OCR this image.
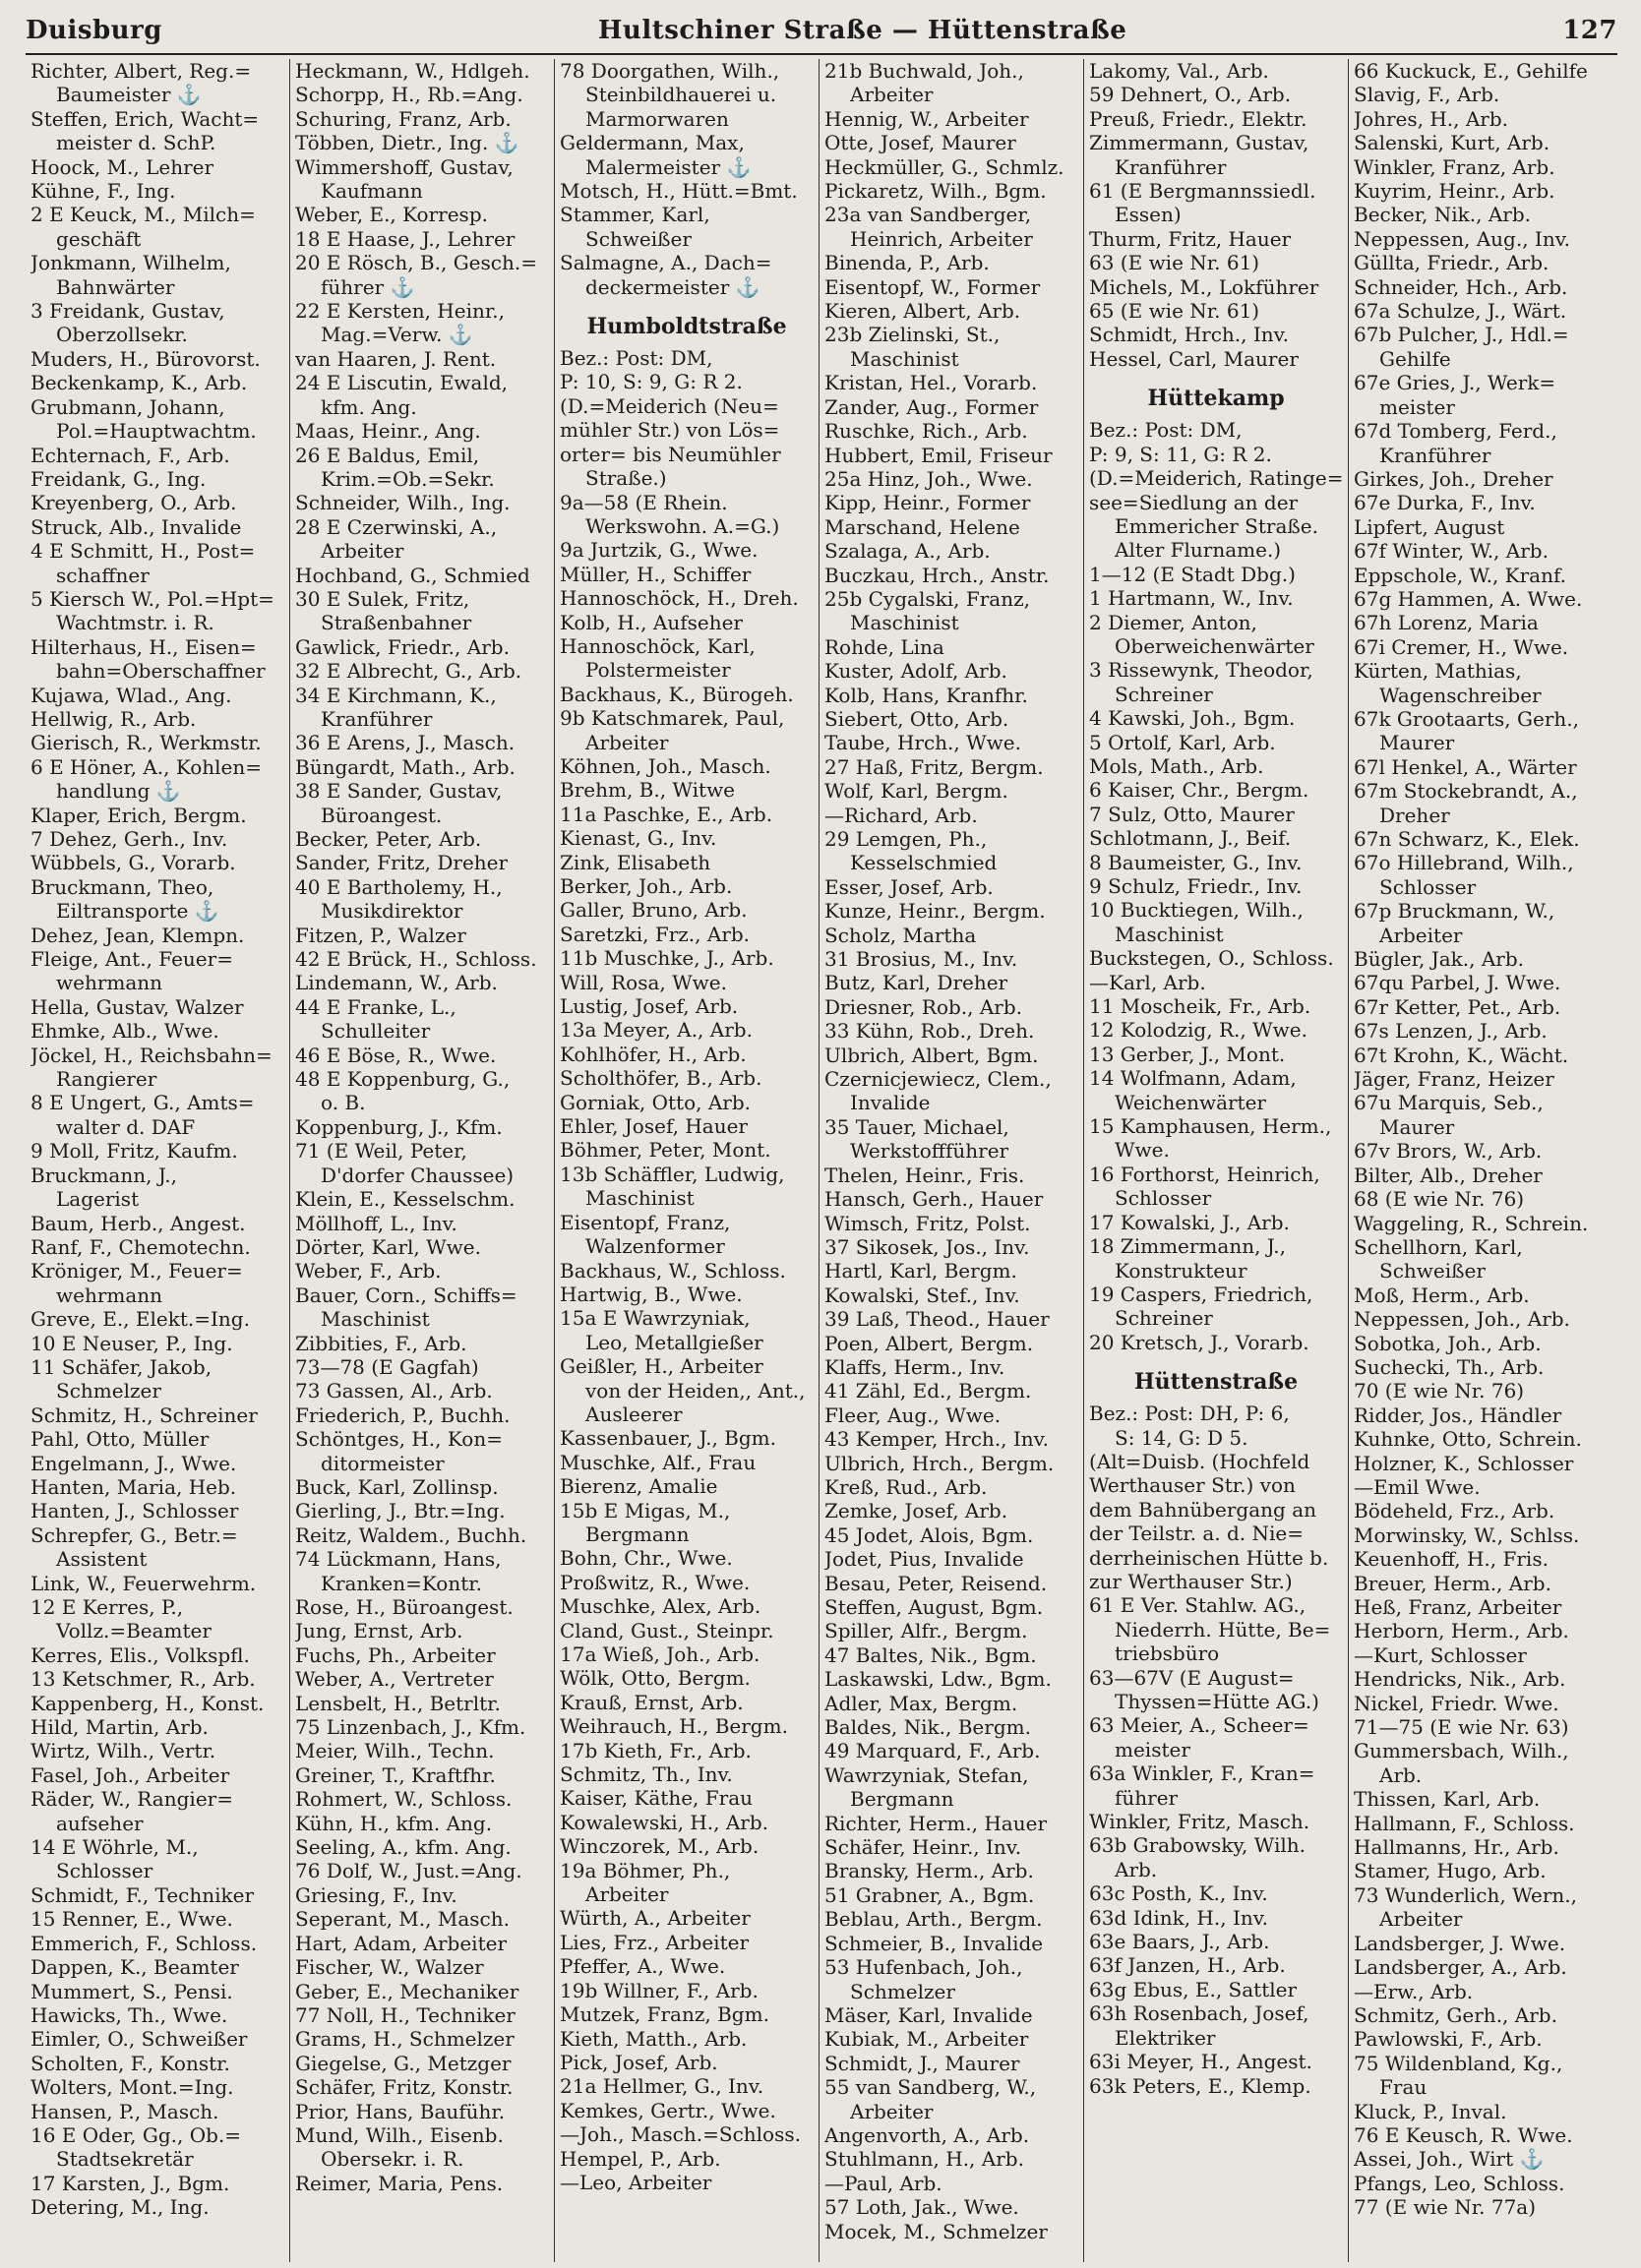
Duisburg	Hultschiner Straße — Hüttenstraße	127
Richter, Albert, Reg.=
Baumeister ⚓
Steffen, Erich, Wacht=
meister d. SchP.
Hoock, M., Lehrer
Kühne, F., Ing.
2 E Keuck, M., Milch=
geschäft
Jonkmann, Wilhelm,
Bahnwärter
3 Freidank, Gustav,
Oberzollsekr.
Muders, H., Bürovorst.
Beckenkamp, K., Arb.
Grubmann, Johann,
Pol.=Hauptwachtm.
Echternach, F., Arb.
Freidank, G., Ing.
Kreyenberg, O., Arb.
Struck, Alb., Invalide
4 E Schmitt, H., Post=
schaffner
5 Kiersch W., Pol.=Hpt=
Wachtmstr. i. R.
Hilterhaus, H., Eisen=
bahn=Oberschaffner
Kujawa, Wlad., Ang.
Hellwig, R., Arb.
Gierisch, R., Werkmstr.
6 E Höner, A., Kohlen=
handlung ⚓
Klaper, Erich, Bergm.
7 Dehez, Gerh., Inv.
Wübbels, G., Vorarb.
Bruckmann, Theo,
Eiltransporte ⚓
Dehez, Jean, Klempn.
Fleige, Ant., Feuer=
wehrmann
Hella, Gustav, Walzer
Ehmke, Alb., Wwe.
Jöckel, H., Reichsbahn=
Rangierer
8 E Ungert, G., Amts=
walter d. DAF
9 Moll, Fritz, Kaufm.
Bruckmann, J.,
Lagerist
Baum, Herb., Angest.
Ranf, F., Chemotechn.
Kröniger, M., Feuer=
wehrmann
Greve, E., Elekt.=Ing.
10 E Neuser, P., Ing.
11 Schäfer, Jakob,
Schmelzer
Schmitz, H., Schreiner
Pahl, Otto, Müller
Engelmann, J., Wwe.
Hanten, Maria, Heb.
Hanten, J., Schlosser
Schrepfer, G., Betr.=
Assistent
Link, W., Feuerwehrm.
12 E Kerres, P.,
Vollz.=Beamter
Kerres, Elis., Volkspfl.
13 Ketschmer, R., Arb.
Kappenberg, H., Konst.
Hild, Martin, Arb.
Wirtz, Wilh., Vertr.
Fasel, Joh., Arbeiter
Räder, W., Rangier=
aufseher
14 E Wöhrle, M.,
Schlosser
Schmidt, F., Techniker
15 Renner, E., Wwe.
Emmerich, F., Schloss.
Dappen, K., Beamter
Mummert, S., Pensi.
Hawicks, Th., Wwe.
Eimler, O., Schweißer
Scholten, F., Konstr.
Wolters, Mont.=Ing.
Hansen, P., Masch.
16 E Oder, Gg., Ob.=
Stadtsekretär
17 Karsten, J., Bgm.
Detering, M., Ing.
Heckmann, W., Hdlgeh.
Schorpp, H., Rb.=Ang.
Schuring, Franz, Arb.
Többen, Dietr., Ing. ⚓
Wimmershoff, Gustav,
Kaufmann
Weber, E., Korresp.
18 E Haase, J., Lehrer
20 E Rösch, B., Gesch.=
führer ⚓
22 E Kersten, Heinr.,
Mag.=Verw. ⚓
van Haaren, J. Rent.
24 E Liscutin, Ewald,
kfm. Ang.
Maas, Heinr., Ang.
26 E Baldus, Emil,
Krim.=Ob.=Sekr.
Schneider, Wilh., Ing.
28 E Czerwinski, A.,
Arbeiter
Hochband, G., Schmied
30 E Sulek, Fritz,
Straßenbahner
Gawlick, Friedr., Arb.
32 E Albrecht, G., Arb.
34 E Kirchmann, K.,
Kranführer
36 E Arens, J., Masch.
Büngardt, Math., Arb.
38 E Sander, Gustav,
Büroangest.
Becker, Peter, Arb.
Sander, Fritz, Dreher
40 E Bartholemy, H.,
Musikdirektor
Fitzen, P., Walzer
42 E Brück, H., Schloss.
Lindemann, W., Arb.
44 E Franke, L.,
Schulleiter
46 E Böse, R., Wwe.
48 E Koppenburg, G.,
o. B.
Koppenburg, J., Kfm.
71 (E Weil, Peter,
D'dorfer Chaussee)
Klein, E., Kesselschm.
Möllhoff, L., Inv.
Dörter, Karl, Wwe.
Weber, F., Arb.
Bauer, Corn., Schiffs=
Maschinist
Zibbities, F., Arb.
73—78 (E Gagfah)
73 Gassen, Al., Arb.
Friederich, P., Buchh.
Schöntges, H., Kon=
ditormeister
Buck, Karl, Zollinsp.
Gierling, J., Btr.=Ing.
Reitz, Waldem., Buchh.
74 Lückmann, Hans,
Kranken=Kontr.
Rose, H., Büroangest.
Jung, Ernst, Arb.
Fuchs, Ph., Arbeiter
Weber, A., Vertreter
Lensbelt, H., Betrltr.
75 Linzenbach, J., Kfm.
Meier, Wilh., Techn.
Greiner, T., Kraftfhr.
Rohmert, W., Schloss.
Kühn, H., kfm. Ang.
Seeling, A., kfm. Ang.
76 Dolf, W., Just.=Ang.
Griesing, F., Inv.
Seperant, M., Masch.
Hart, Adam, Arbeiter
Fischer, W., Walzer
Geber, E., Mechaniker
77 Noll, H., Techniker
Grams, H., Schmelzer
Giegelse, G., Metzger
Schäfer, Fritz, Konstr.
Prior, Hans, Bauführ.
Mund, Wilh., Eisenb.
Obersekr. i. R.
Reimer, Maria, Pens.
78 Doorgathen, Wilh.,
Steinbildhauerei u.
Marmorwaren
Geldermann, Max,
Malermeister ⚓
Motsch, H., Hütt.=Bmt.
Stammer, Karl,
Schweißer
Salmagne, A., Dach=
deckermeister ⚓
Humboldtstraße
Bez.: Post: DM,
P: 10, S: 9, G: R 2.
(D.=Meiderich (Neu=
mühler Str.) von Lös=
orter= bis Neumühler
Straße.)
9a—58 (E Rhein.
Werkswohn. A.=G.)
9a Jurtzik, G., Wwe.
Müller, H., Schiffer
Hannoschöck, H., Dreh.
Kolb, H., Aufseher
Hannoschöck, Karl,
Polstermeister
Backhaus, K., Bürogeh.
9b Katschmarek, Paul,
Arbeiter
Köhnen, Joh., Masch.
Brehm, B., Witwe
11a Paschke, E., Arb.
Kienast, G., Inv.
Zink, Elisabeth
Berker, Joh., Arb.
Galler, Bruno, Arb.
Saretzki, Frz., Arb.
11b Muschke, J., Arb.
Will, Rosa, Wwe.
Lustig, Josef, Arb.
13a Meyer, A., Arb.
Kohlhöfer, H., Arb.
Scholthöfer, B., Arb.
Gorniak, Otto, Arb.
Ehler, Josef, Hauer
Böhmer, Peter, Mont.
13b Schäffler, Ludwig,
Maschinist
Eisentopf, Franz,
Walzenformer
Backhaus, W., Schloss.
Hartwig, B., Wwe.
15a E Wawrzyniak,
Leo, Metallgießer
Geißler, H., Arbeiter
von der Heiden,, Ant.,
Ausleerer
Kassenbauer, J., Bgm.
Muschke, Alf., Frau
Bierenz, Amalie
15b E Migas, M.,
Bergmann
Bohn, Chr., Wwe.
Proßwitz, R., Wwe.
Muschke, Alex, Arb.
Cland, Gust., Steinpr.
17a Wieß, Joh., Arb.
Wölk, Otto, Bergm.
Krauß, Ernst, Arb.
Weihrauch, H., Bergm.
17b Kieth, Fr., Arb.
Schmitz, Th., Inv.
Kaiser, Käthe, Frau
Kowalewski, H., Arb.
Winczorek, M., Arb.
19a Böhmer, Ph.,
Arbeiter
Würth, A., Arbeiter
Lies, Frz., Arbeiter
Pfeffer, A., Wwe.
19b Willner, F., Arb.
Mutzek, Franz, Bgm.
Kieth, Matth., Arb.
Pick, Josef, Arb.
21a Hellmer, G., Inv.
Kemkes, Gertr., Wwe.
—Joh., Masch.=Schloss.
Hempel, P., Arb.
—Leo, Arbeiter
21b Buchwald, Joh.,
Arbeiter
Hennig, W., Arbeiter
Otte, Josef, Maurer
Heckmüller, G., Schmlz.
Pickaretz, Wilh., Bgm.
23a van Sandberger,
Heinrich, Arbeiter
Binenda, P., Arb.
Eisentopf, W., Former
Kieren, Albert, Arb.
23b Zielinski, St.,
Maschinist
Kristan, Hel., Vorarb.
Zander, Aug., Former
Ruschke, Rich., Arb.
Hubbert, Emil, Friseur
25a Hinz, Joh., Wwe.
Kipp, Heinr., Former
Marschand, Helene
Szalaga, A., Arb.
Buczkau, Hrch., Anstr.
25b Cygalski, Franz,
Maschinist
Rohde, Lina
Kuster, Adolf, Arb.
Kolb, Hans, Kranfhr.
Siebert, Otto, Arb.
Taube, Hrch., Wwe.
27 Haß, Fritz, Bergm.
Wolf, Karl, Bergm.
—Richard, Arb.
29 Lemgen, Ph.,
Kesselschmied
Esser, Josef, Arb.
Kunze, Heinr., Bergm.
Scholz, Martha
31 Brosius, M., Inv.
Butz, Karl, Dreher
Driesner, Rob., Arb.
33 Kühn, Rob., Dreh.
Ulbrich, Albert, Bgm.
Czernicjewiecz, Clem.,
Invalide
35 Tauer, Michael,
Werkstoffführer
Thelen, Heinr., Fris.
Hansch, Gerh., Hauer
Wimsch, Fritz, Polst.
37 Sikosek, Jos., Inv.
Hartl, Karl, Bergm.
Kowalski, Stef., Inv.
39 Laß, Theod., Hauer
Poen, Albert, Bergm.
Klaffs, Herm., Inv.
41 Zähl, Ed., Bergm.
Fleer, Aug., Wwe.
43 Kemper, Hrch., Inv.
Ulbrich, Hrch., Bergm.
Kreß, Rud., Arb.
Zemke, Josef, Arb.
45 Jodet, Alois, Bgm.
Jodet, Pius, Invalide
Besau, Peter, Reisend.
Steffen, August, Bgm.
Spiller, Alfr., Bergm.
47 Baltes, Nik., Bgm.
Laskawski, Ldw., Bgm.
Adler, Max, Bergm.
Baldes, Nik., Bergm.
49 Marquard, F., Arb.
Wawrzyniak, Stefan,
Bergmann
Richter, Herm., Hauer
Schäfer, Heinr., Inv.
Bransky, Herm., Arb.
51 Grabner, A., Bgm.
Beblau, Arth., Bergm.
Schmeier, B., Invalide
53 Hufenbach, Joh.,
Schmelzer
Mäser, Karl, Invalide
Kubiak, M., Arbeiter
Schmidt, J., Maurer
55 van Sandberg, W.,
Arbeiter
Angenvorth, A., Arb.
Stuhlmann, H., Arb.
—Paul, Arb.
57 Loth, Jak., Wwe.
Mocek, M., Schmelzer
Lakomy, Val., Arb.
59 Dehnert, O., Arb.
Preuß, Friedr., Elektr.
Zimmermann, Gustav,
Kranführer
61 (E Bergmannssiedl.
Essen)
Thurm, Fritz, Hauer
63 (E wie Nr. 61)
Michels, M., Lokführer
65 (E wie Nr. 61)
Schmidt, Hrch., Inv.
Hessel, Carl, Maurer
Hüttekamp
Bez.: Post: DM,
P: 9, S: 11, G: R 2.
(D.=Meiderich, Ratinge=
see=Siedlung an der
Emmericher Straße.
Alter Flurname.)
1—12 (E Stadt Dbg.)
1 Hartmann, W., Inv.
2 Diemer, Anton,
Oberweichenwärter
3 Rissewynk, Theodor,
Schreiner
4 Kawski, Joh., Bgm.
5 Ortolf, Karl, Arb.
Mols, Math., Arb.
6 Kaiser, Chr., Bergm.
7 Sulz, Otto, Maurer
Schlotmann, J., Beif.
8 Baumeister, G., Inv.
9 Schulz, Friedr., Inv.
10 Bucktiegen, Wilh.,
Maschinist
Buckstegen, O., Schloss.
—Karl, Arb.
11 Moscheik, Fr., Arb.
12 Kolodzig, R., Wwe.
13 Gerber, J., Mont.
14 Wolfmann, Adam,
Weichenwärter
15 Kamphausen, Herm.,
Wwe.
16 Forthorst, Heinrich,
Schlosser
17 Kowalski, J., Arb.
18 Zimmermann, J.,
Konstrukteur
19 Caspers, Friedrich,
Schreiner
20 Kretsch, J., Vorarb.
Hüttenstraße
Bez.: Post: DH, P: 6,
S: 14, G: D 5.
(Alt=Duisb. (Hochfeld
Werthauser Str.) von
dem Bahnübergang an
der Teilstr. a. d. Nie=
derrheinischen Hütte b.
zur Werthauser Str.)
61 E Ver. Stahlw. AG.,
Niederrh. Hütte, Be=
triebsbüro
63—67V (E August=
Thyssen=Hütte AG.)
63 Meier, A., Scheer=
meister
63a Winkler, F., Kran=
führer
Winkler, Fritz, Masch.
63b Grabowsky, Wilh.
Arb.
63c Posth, K., Inv.
63d Idink, H., Inv.
63e Baars, J., Arb.
63f Janzen, H., Arb.
63g Ebus, E., Sattler
63h Rosenbach, Josef,
Elektriker
63i Meyer, H., Angest.
63k Peters, E., Klemp.
66 Kuckuck, E., Gehilfe
Slavig, F., Arb.
Johres, H., Arb.
Salenski, Kurt, Arb.
Winkler, Franz, Arb.
Kuyrim, Heinr., Arb.
Becker, Nik., Arb.
Neppessen, Aug., Inv.
Güllta, Friedr., Arb.
Schneider, Hch., Arb.
67a Schulze, J., Wärt.
67b Pulcher, J., Hdl.=
Gehilfe
67e Gries, J., Werk=
meister
67d Tomberg, Ferd.,
Kranführer
Girkes, Joh., Dreher
67e Durka, F., Inv.
Lipfert, August
67f Winter, W., Arb.
Eppschole, W., Kranf.
67g Hammen, A. Wwe.
67h Lorenz, Maria
67i Cremer, H., Wwe.
Kürten, Mathias,
Wagenschreiber
67k Grootaarts, Gerh.,
Maurer
67l Henkel, A., Wärter
67m Stockebrandt, A.,
Dreher
67n Schwarz, K., Elek.
67o Hillebrand, Wilh.,
Schlosser
67p Bruckmann, W.,
Arbeiter
Bügler, Jak., Arb.
67qu Parbel, J. Wwe.
67r Ketter, Pet., Arb.
67s Lenzen, J., Arb.
67t Krohn, K., Wächt.
Jäger, Franz, Heizer
67u Marquis, Seb.,
Maurer
67v Brors, W., Arb.
Bilter, Alb., Dreher
68 (E wie Nr. 76)
Waggeling, R., Schrein.
Schellhorn, Karl,
Schweißer
Moß, Herm., Arb.
Neppessen, Joh., Arb.
Sobotka, Joh., Arb.
Suchecki, Th., Arb.
70 (E wie Nr. 76)
Ridder, Jos., Händler
Kuhnke, Otto, Schrein.
Holzner, K., Schlosser
—Emil Wwe.
Bödeheld, Frz., Arb.
Morwinsky, W., Schlss.
Keuenhoff, H., Fris.
Breuer, Herm., Arb.
Heß, Franz, Arbeiter
Herborn, Herm., Arb.
—Kurt, Schlosser
Hendricks, Nik., Arb.
Nickel, Friedr. Wwe.
71—75 (E wie Nr. 63)
Gummersbach, Wilh.,
Arb.
Thissen, Karl, Arb.
Hallmann, F., Schloss.
Hallmanns, Hr., Arb.
Stamer, Hugo, Arb.
73 Wunderlich, Wern.,
Arbeiter
Landsberger, J. Wwe.
Landsberger, A., Arb.
—Erw., Arb.
Schmitz, Gerh., Arb.
Pawlowski, F., Arb.
75 Wildenbland, Kg.,
Frau
Kluck, P., Inval.
76 E Keusch, R. Wwe.
Assei, Joh., Wirt ⚓
Pfangs, Leo, Schloss.
77 (E wie Nr. 77a)
